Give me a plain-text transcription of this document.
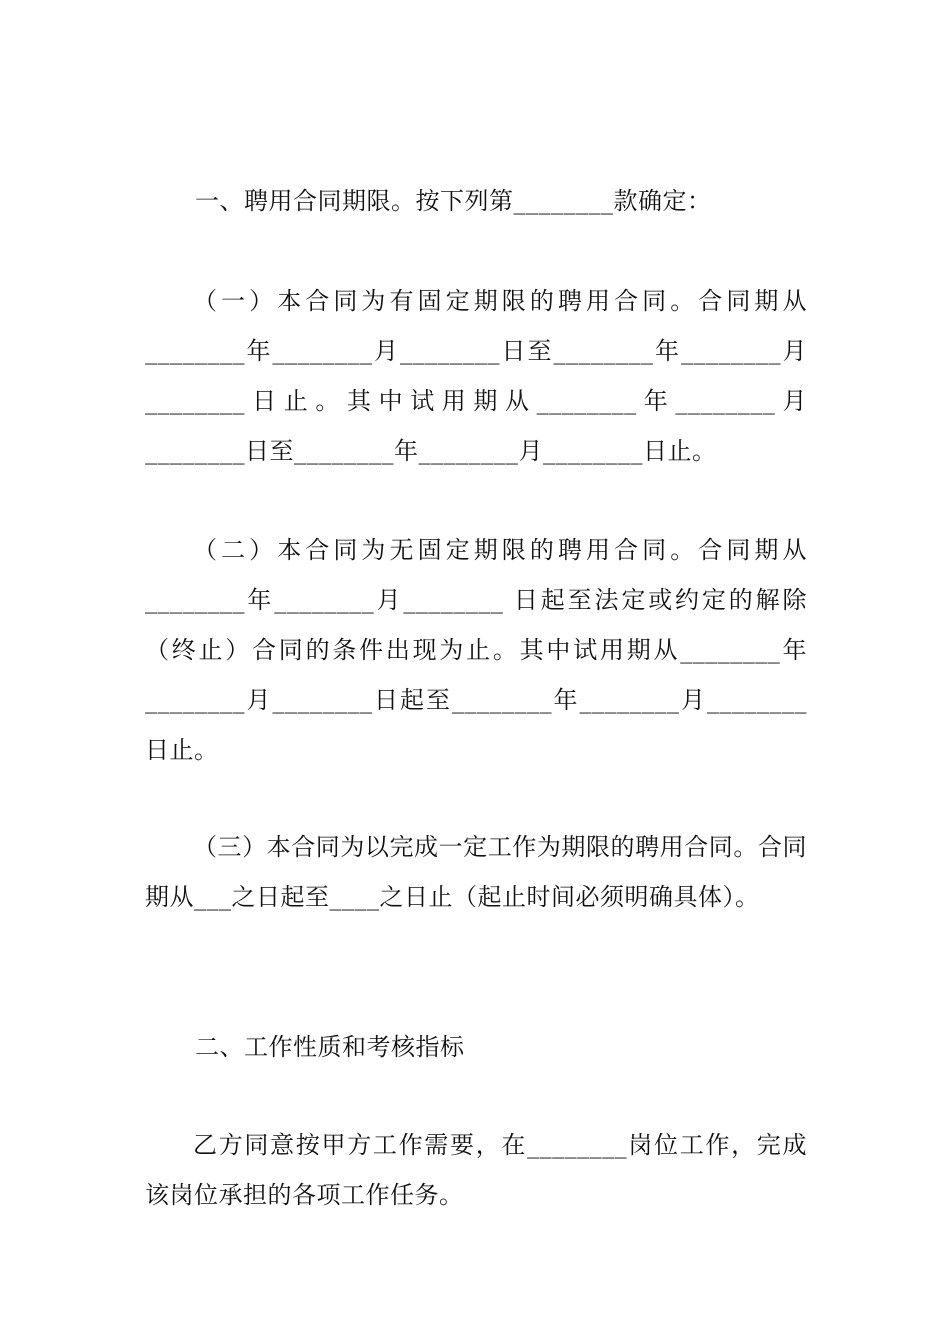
一、聘用合同期限。按下列第________款确定：

（一）本合同为有固定期限的聘用合同。合同期从________年________月________日至________年________月________日止。其中试用期从________年________月________日至________年________月________日止。

（二）本合同为无固定期限的聘用合同。合同期从________年________月________ 日起至法定或约定的解除（终止）合同的条件出现为止。其中试用期从________年________月________日起至________年________月________日止。

（三）本合同为以完成一定工作为期限的聘用合同。合同期从___之日起至____之日止（起止时间必须明确具体）。

二、工作性质和考核指标

乙方同意按甲方工作需要，在________岗位工作，完成该岗位承担的各项工作任务。
